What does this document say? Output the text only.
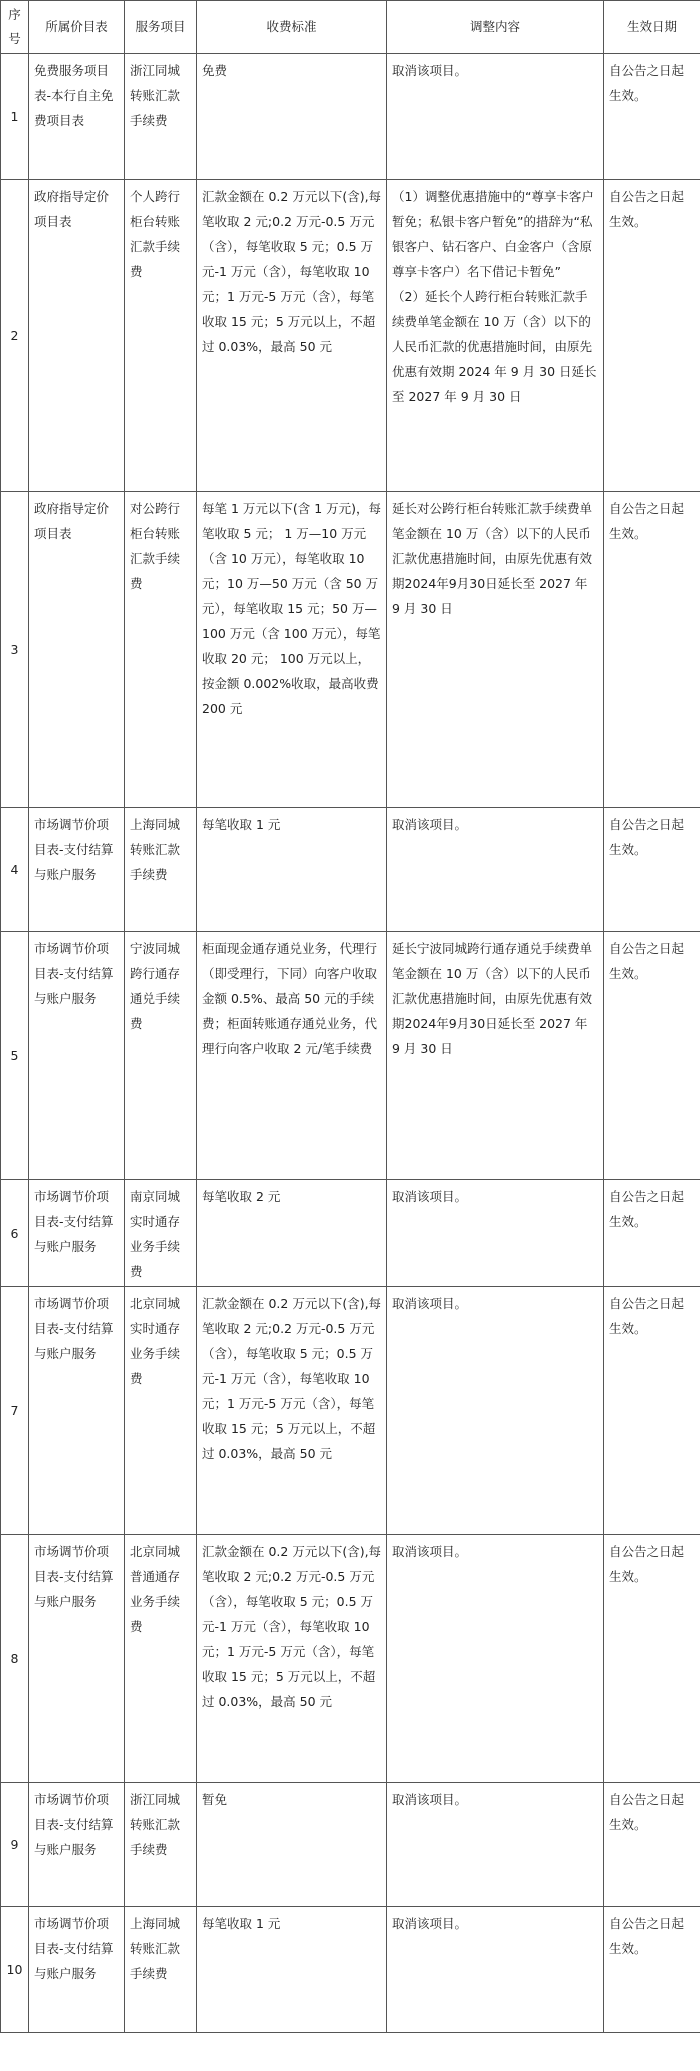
序号	所属价目表	服务项目	收费标准	调整内容	生效日期
1	免费服务项目表-本行自主免费项目表	浙江同城转账汇款手续费	免费	取消该项目。	自公告之日起生效。
2	政府指导定价项目表	个人跨行柜台转账汇款手续费	汇款金额在 0.2 万元以下(含),每笔收取 2 元;0.2 万元-0.5 万元（含），每笔收取 5 元；0.5 万元-1 万元（含），每笔收取 10 元；1 万元-5 万元（含），每笔收取 15 元；5 万元以上，不超过 0.03%，最高 50 元	（1）调整优惠措施中的“尊享卡客户暂免；私银卡客户暂免”的措辞为“私银客户、钻石客户、白金客户（含原尊享卡客户）名下借记卡暂免”
（2）延长个人跨行柜台转账汇款手续费单笔金额在 10 万（含）以下的人民币汇款的优惠措施时间，由原先优惠有效期 2024 年 9 月 30 日延长至 2027 年 9 月 30 日	自公告之日起生效。
3	政府指导定价项目表	对公跨行柜台转账汇款手续费	每笔 1 万元以下(含 1 万元)，每笔收取 5 元； 1 万—10 万元（含 10 万元），每笔收取 10 元；10 万—50 万元（含 50 万元），每笔收取 15 元；50 万—100 万元（含 100 万元），每笔收取 20 元； 100 万元以上，按金额 0.002%收取，最高收费 200 元	延长对公跨行柜台转账汇款手续费单笔金额在 10 万（含）以下的人民币汇款优惠措施时间，由原先优惠有效期2024年9月30日延长至 2027 年 9 月 30 日	自公告之日起生效。
4	市场调节价项目表-支付结算与账户服务	上海同城转账汇款手续费	每笔收取 1 元	取消该项目。	自公告之日起生效。
5	市场调节价项目表-支付结算与账户服务	宁波同城跨行通存通兑手续费	柜面现金通存通兑业务，代理行（即受理行，下同）向客户收取金额 0.5%、最高 50 元的手续费；柜面转账通存通兑业务，代理行向客户收取 2 元/笔手续费	延长宁波同城跨行通存通兑手续费单笔金额在 10 万（含）以下的人民币汇款优惠措施时间，由原先优惠有效期2024年9月30日延长至 2027 年 9 月 30 日	自公告之日起生效。
6	市场调节价项目表-支付结算与账户服务	南京同城实时通存业务手续费	每笔收取 2 元	取消该项目。	自公告之日起生效。
7	市场调节价项目表-支付结算与账户服务	北京同城实时通存业务手续费	汇款金额在 0.2 万元以下(含),每笔收取 2 元;0.2 万元-0.5 万元（含），每笔收取 5 元；0.5 万元-1 万元（含），每笔收取 10 元；1 万元-5 万元（含），每笔收取 15 元；5 万元以上，不超过 0.03%，最高 50 元	取消该项目。	自公告之日起生效。
8	市场调节价项目表-支付结算与账户服务	北京同城普通通存业务手续费	汇款金额在 0.2 万元以下(含),每笔收取 2 元;0.2 万元-0.5 万元（含），每笔收取 5 元；0.5 万元-1 万元（含），每笔收取 10 元；1 万元-5 万元（含），每笔收取 15 元；5 万元以上，不超过 0.03%，最高 50 元	取消该项目。	自公告之日起生效。
9	市场调节价项目表-支付结算与账户服务	浙江同城转账汇款手续费	暂免	取消该项目。	自公告之日起生效。
10	市场调节价项目表-支付结算与账户服务	上海同城转账汇款手续费	每笔收取 1 元	取消该项目。	自公告之日起生效。
